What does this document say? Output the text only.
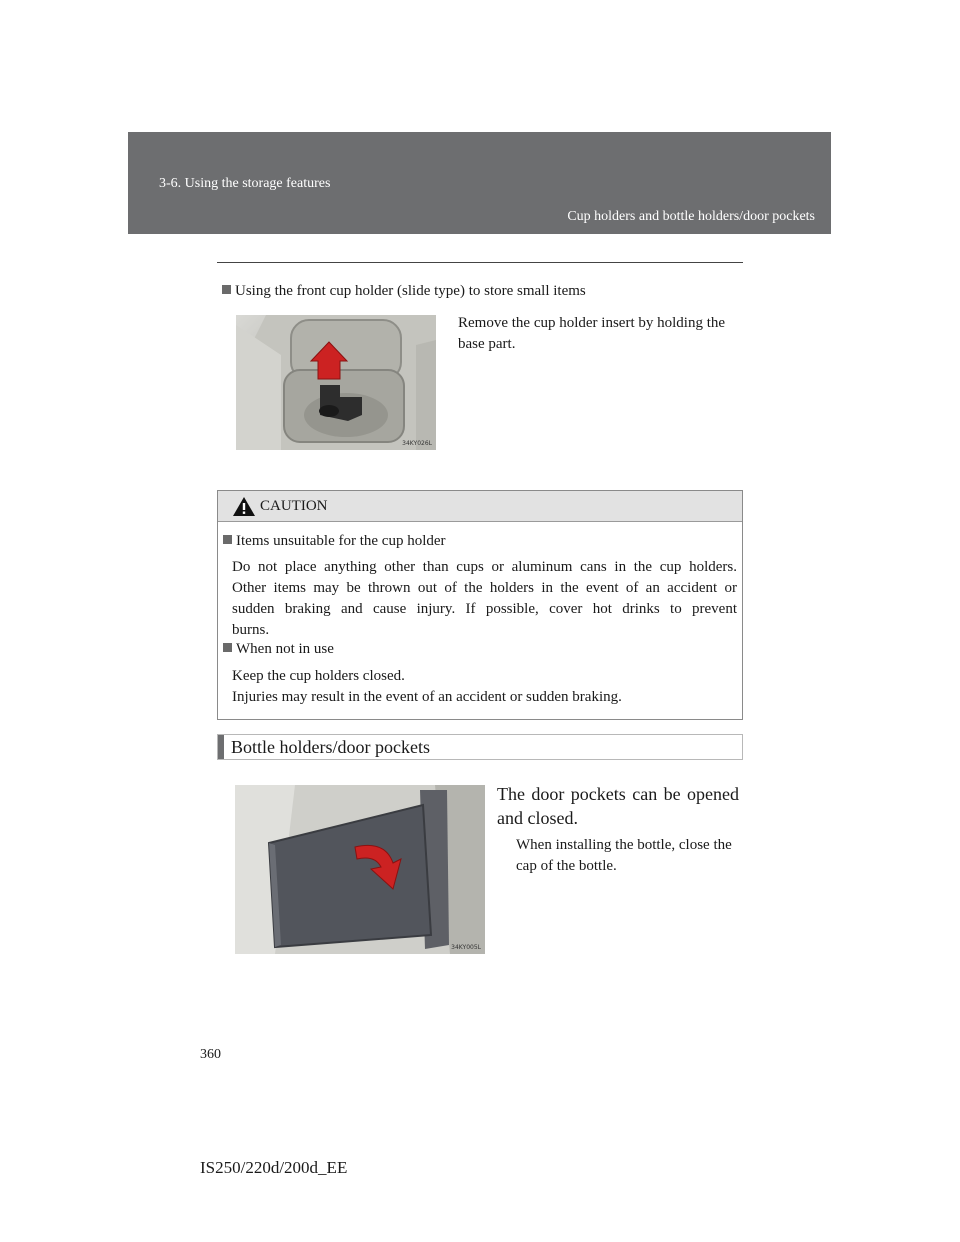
3-6. Using the storage features
Cup holders and bottle holders/door pockets
Using the front cup holder (slide type) to store small items
34KY026L

Remove the cup holder insert by holding the base part.

CAUTION
Items unsuitable for the cup holder

Do not place anything other than cups or aluminum cans in the cup holders.
Other items may be thrown out of the holders in the event of an accident or
sudden braking and cause injury. If possible, cover hot drinks to prevent
burns.

When not in use

Keep the cup holders closed.
Injuries may result in the event of an accident or sudden braking.

Bottle holders/door pockets
34KY005L

The door pockets can be opened and closed.

When installing the bottle, close the cap of the bottle.

360
IS250/220d/200d_EE
